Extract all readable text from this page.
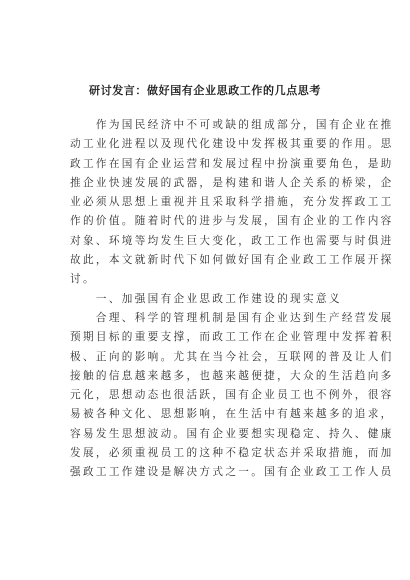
研讨发言：做好国有企业思政工作的几点思考
　　作为国民经济中不可或缺的组成部分，国有企业在推
动工业化进程以及现代化建设中发挥极其重要的作用。思
政工作在国有企业运营和发展过程中扮演重要角色，是助
推企业快速发展的武器，是构建和谐人企关系的桥梁，企
业必须从思想上重视并且采取科学措施，充分发挥政工工
作的价值。随着时代的进步与发展，国有企业的工作内容
对象、环境等均发生巨大变化，政工工作也需要与时俱进
故此，本文就新时代下如何做好国有企业政工工作展开探
讨。
　　一、加强国有企业思政工作建设的现实意义
　　合理、科学的管理机制是国有企业达到生产经营发展
预期目标的重要支撑，而政工工作在企业管理中发挥着积
极、正向的影响。尤其在当今社会，互联网的普及让人们
接触的信息越来越多，也越来越便捷，大众的生活趋向多
元化，思想动态也很活跃，国有企业员工也不例外，很容
易被各种文化、思想影响，在生活中有越来越多的追求，
容易发生思想波动。国有企业要想实现稳定、持久、健康
发展，必须重视员工的这种不稳定状态并采取措施，而加
强政工工作建设是解决方式之一。国有企业政工工作人员
